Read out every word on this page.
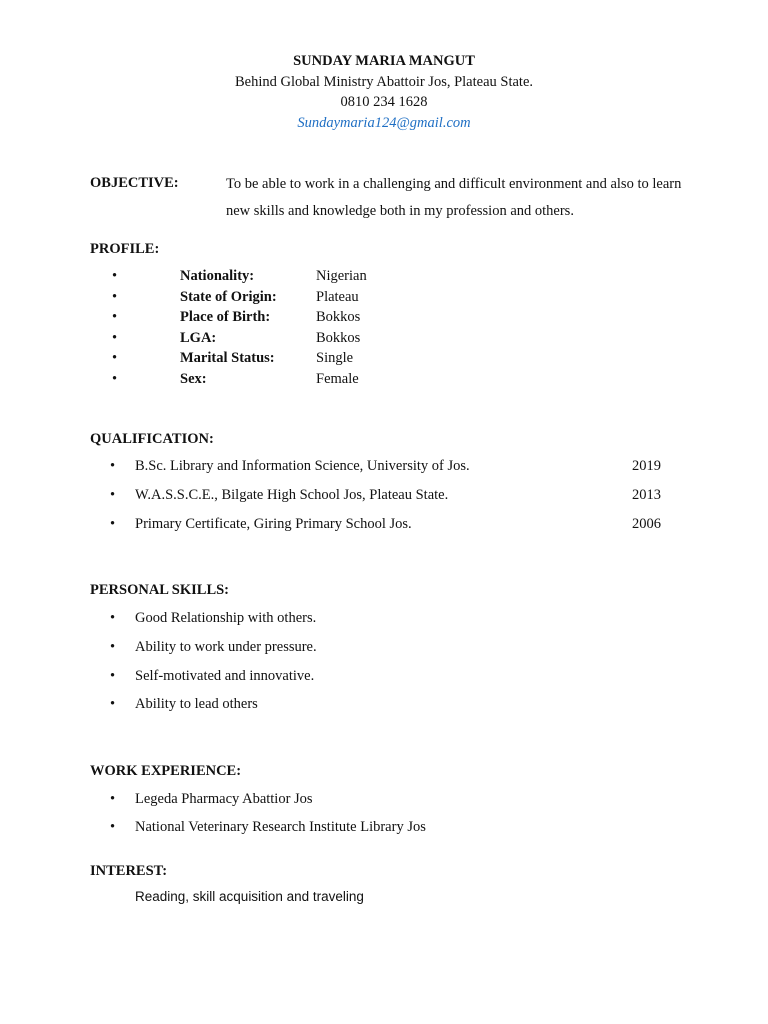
SUNDAY MARIA MANGUT
Behind Global Ministry Abattoir Jos, Plateau State.
0810 234 1628
Sundaymaria124@gmail.com
OBJECTIVE:	To be able to work in a challenging and difficult environment and also to learn new skills and knowledge both in my profession and others.
PROFILE:
•	Nationality:	Nigerian
•	State of Origin:	Plateau
•	Place of Birth:	Bokkos
•	LGA:	Bokkos
•	Marital Status:	Single
•	Sex:	Female
QUALIFICATION:
• B.Sc. Library and Information Science, University of Jos.	2019
• W.A.S.S.C.E., Bilgate High School Jos, Plateau State.	2013
• Primary Certificate, Giring Primary School Jos.	2006
PERSONAL SKILLS:
• Good Relationship with others.
• Ability to work under pressure.
• Self-motivated and innovative.
• Ability to lead others
WORK EXPERIENCE:
• Legeda Pharmacy Abattior Jos
• National Veterinary Research Institute Library Jos
INTEREST:
Reading, skill acquisition and traveling
